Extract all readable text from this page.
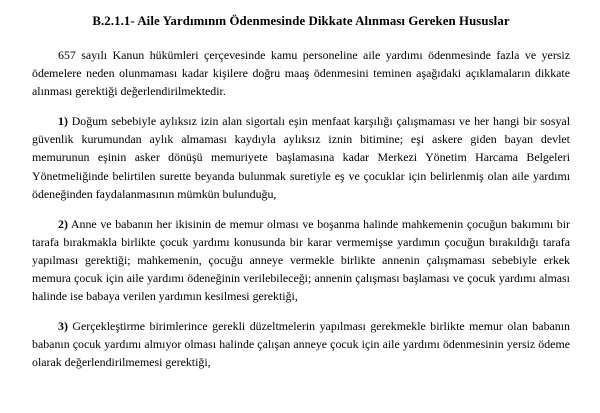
B.2.1.1- Aile Yardımının Ödenmesinde Dikkate Alınması Gereken Hususlar

657 sayılı Kanun hükümleri çerçevesinde kamu personeline aile yardımı ödenmesinde fazla ve yersiz ödemelere neden olunmaması kadar kişilere doğru maaş ödenmesini teminen aşağıdaki açıklamaların dikkate alınması gerektiği değerlendirilmektedir.

1) Doğum sebebiyle aylıksız izin alan sigortalı eşin menfaat karşılığı çalışmaması ve her hangi bir sosyal güvenlik kurumundan aylık almaması kaydıyla aylıksız iznin bitimine; eşi askere giden bayan devlet memurunun eşinin asker dönüşü memuriyete başlamasına kadar Merkezi Yönetim Harcama Belgeleri Yönetmeliğinde belirtilen surette beyanda bulunmak suretiyle eş ve çocuklar için belirlenmiş olan aile yardımı ödeneğinden faydalanmasının mümkün bulunduğu,

2) Anne ve babanın her ikisinin de memur olması ve boşanma halinde mahkemenin çocuğun bakımını bir tarafa bırakmakla birlikte çocuk yardımı konusunda bir karar vermemişse yardımın çocuğun bırakıldığı tarafa yapılması gerektiği; mahkemenin, çocuğu anneye vermekle birlikte annenin çalışmaması sebebiyle erkek memura çocuk için aile yardımı ödeneğinin verilebileceği; annenin çalışması başlaması ve çocuk yardımı alması halinde ise babaya verilen yardımın kesilmesi gerektiği,

3) Gerçekleştirme birimlerince gerekli düzeltmelerin yapılması gerekmekle birlikte memur olan babanın babanın çocuk yardımı almıyor olması halinde çalışan anneye çocuk için aile yardımı ödenmesinin yersiz ödeme olarak değerlendirilmemesi gerektiği,
